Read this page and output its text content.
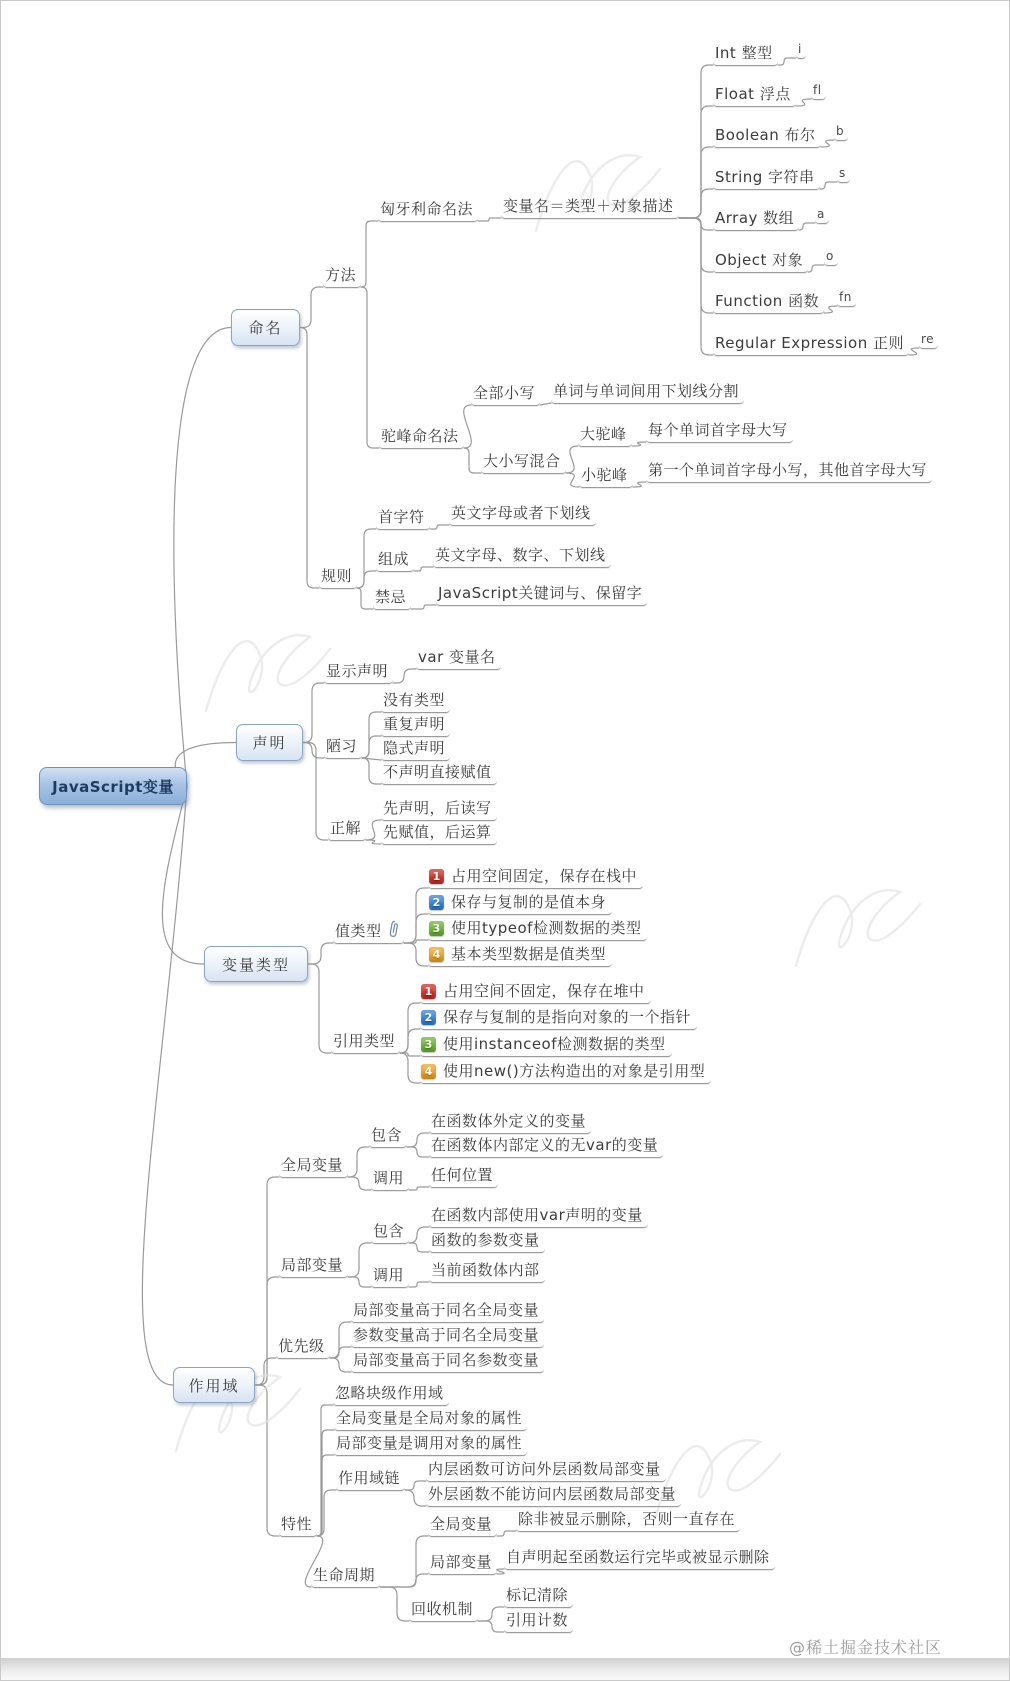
@稀土掘金技术社区
JavaScript变量
命名
声明
变量类型
作用域
方法
匈牙利命名法	变量名＝类型＋对象描述
Int 整型
Float 浮点
Boolean 布尔
String 字符串
Array 数组
Object 对象
Function 函数
Regular Expression 正则
i
fl
b
s
a
o
fn
re
驼峰命名法
全部小写	单词与单词间用下划线分割
大小写混合
大驼峰	每个单词首字母大写
小驼峰	第一个单词首字母小写，其他首字母大写
规则
首字符	英文字母或者下划线
组成	英文字母、数字、下划线
禁忌	JavaScript关键词与、保留字
显示声明
var 变量名
陋习
没有类型
重复声明
隐式声明
不声明直接赋值
正解
先声明，后读写
先赋值，后运算
值类型
1 占用空间固定，保存在栈中
2 保存与复制的是值本身
3 使用typeof检测数据的类型
4 基本类型数据是值类型
引用类型
1 占用空间不固定，保存在堆中
2 保存与复制的是指向对象的一个指针
3 使用instanceof检测数据的类型
4 使用new()方法构造出的对象是引用型
全局变量
包含
在函数体外定义的变量
在函数体内部定义的无var的变量
调用	任何位置
局部变量
包含
在函数内部使用var声明的变量
函数的参数变量
调用	当前函数体内部
优先级
局部变量高于同名全局变量
参数变量高于同名全局变量
局部变量高于同名参数变量
特性
忽略块级作用域
全局变量是全局对象的属性
局部变量是调用对象的属性
作用域链	内层函数可访问外层函数局部变量
外层函数不能访问内层函数局部变量
生命周期
全局变量	除非被显示删除，否则一直存在
局部变量 自声明起至函数运行完毕或被显示删除
回收机制
标记清除
引用计数
